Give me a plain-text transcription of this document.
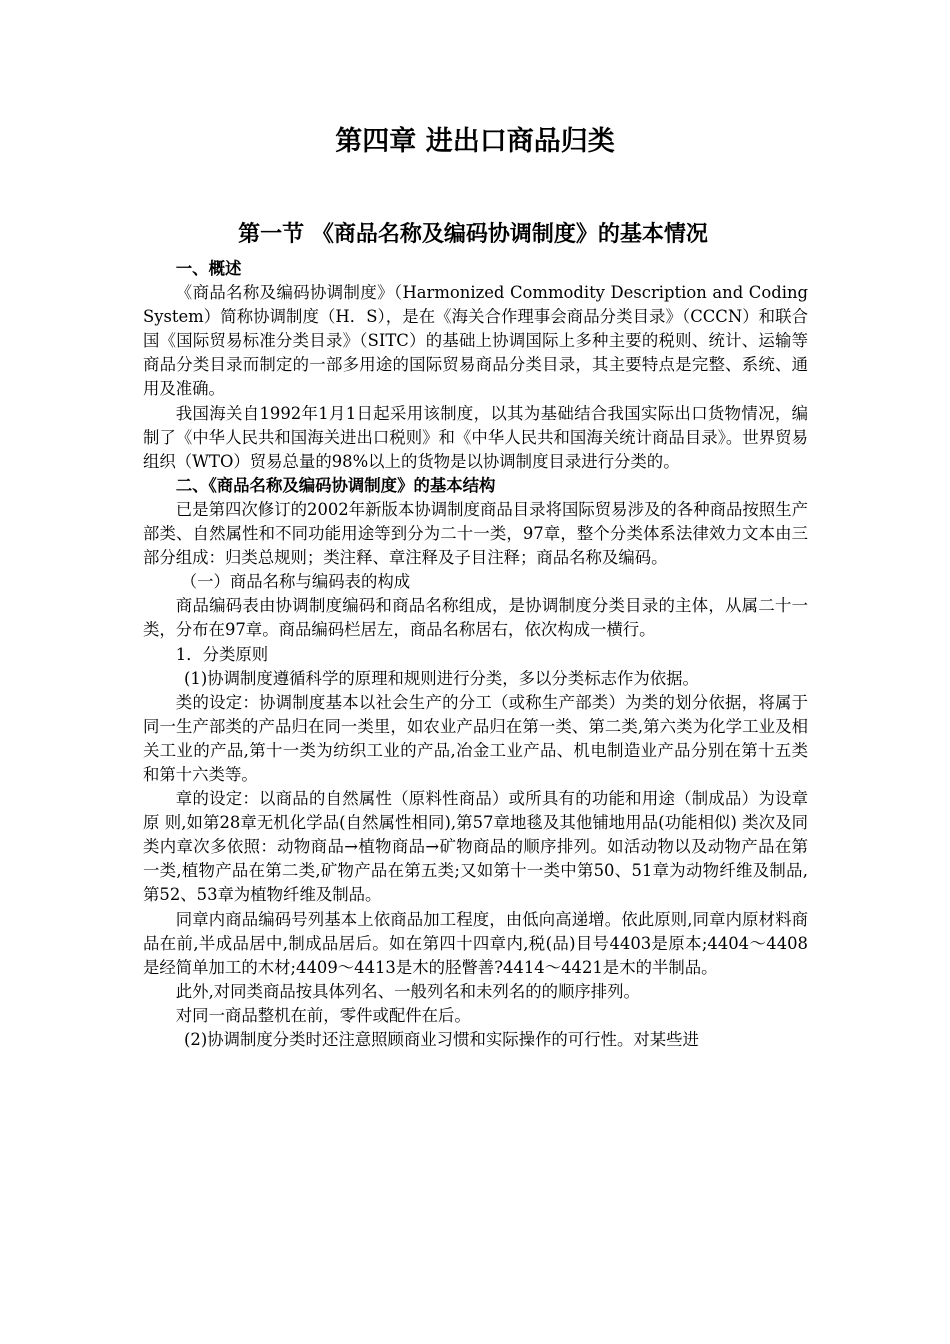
第四章 进出口商品归类
第一节 《商品名称及编码协调制度》的基本情况

一、概述

《商品名称及编码协调制度》（Harmonized Commodity Description and Coding System）简称协调制度（H．S），是在《海关合作理事会商品分类目录》（CCCN）和联合国《国际贸易标准分类目录》（SITC）的基础上协调国际上多种主要的税则、统计、运输等商品分类目录而制定的一部多用途的国际贸易商品分类目录，其主要特点是完整、系统、通用及准确。

我国海关自1992年1月1日起采用该制度，以其为基础结合我国实际出口货物情况，编制了《中华人民共和国海关进出口税则》和《中华人民共和国海关统计商品目录》。世界贸易组织（WTO）贸易总量的98%以上的货物是以协调制度目录进行分类的。

二、《商品名称及编码协调制度》的基本结构

已是第四次修订的2002年新版本协调制度商品目录将国际贸易涉及的各种商品按照生产部类、自然属性和不同功能用途等到分为二十一类，97章，整个分类体系法律效力文本由三部分组成：归类总规则；类注释、章注释及子目注释；商品名称及编码。

（一）商品名称与编码表的构成

商品编码表由协调制度编码和商品名称组成，是协调制度分类目录的主体，从属二十一类，分布在97章。商品编码栏居左，商品名称居右，依次构成一横行。

1．分类原则

(1)协调制度遵循科学的原理和规则进行分类，多以分类标志作为依据。

类的设定：协调制度基本以社会生产的分工（或称生产部类）为类的划分依据，将属于同一生产部类的产品归在同一类里，如农业产品归在第一类、第二类,第六类为化学工业及相关工业的产品,第十一类为纺织工业的产品,冶金工业产品、机电制造业产品分别在第十五类和第十六类等。

章的设定：以商品的自然属性（原料性商品）或所具有的功能和用途（制成品）为设章原 则,如第28章无机化学品(自然属性相同),第57章地毯及其他铺地用品(功能相似) 类次及同类内章次多依照：动物商品→植物商品→矿物商品的顺序排列。如活动物以及动物产品在第一类,植物产品在第二类,矿物产品在第五类;又如第十一类中第50、51章为动物纤维及制品,第52、53章为植物纤维及制品。

同章内商品编码号列基本上依商品加工程度，由低向高递增。依此原则,同章内原材料商品在前,半成品居中,制成品居后。如在第四十四章内,税(品)目号4403是原本;4404～4408是经简单加工的木材;4409～4413是木的胫瞥善?4414～4421是木的半制品。

此外,对同类商品按具体列名、一般列名和未列名的的顺序排列。

对同一商品整机在前，零件或配件在后。

(2)协调制度分类时还注意照顾商业习惯和实际操作的可行性。对某些进
